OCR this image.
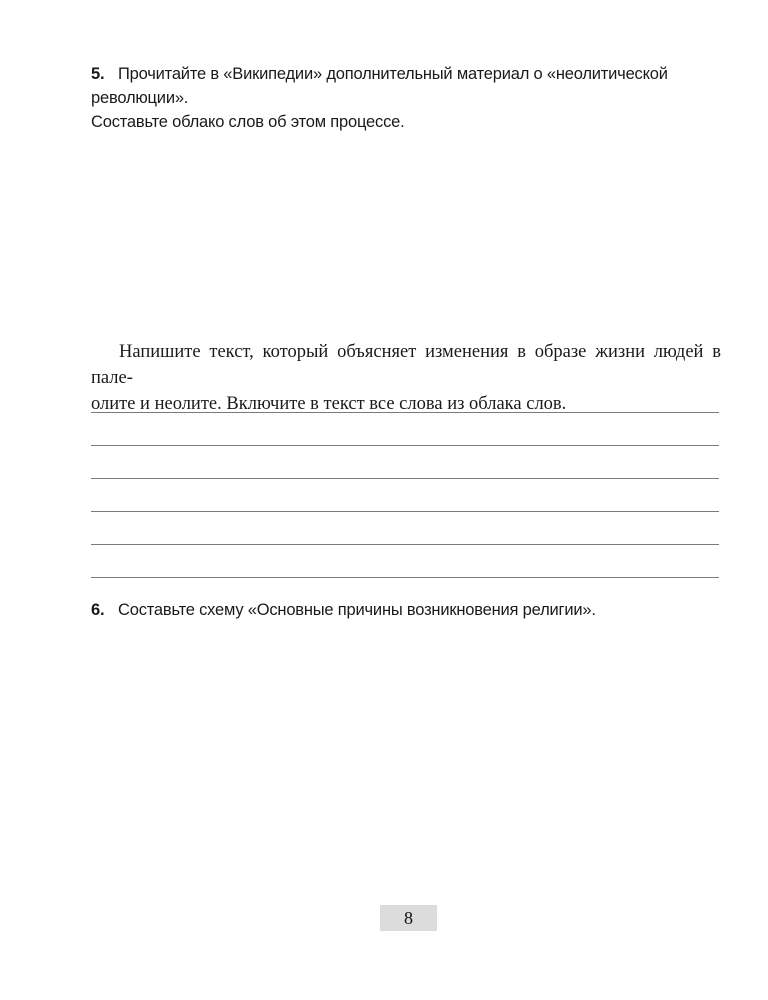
5. Прочитайте в «Википедии» дополнительный материал о «неолитической революции».
Составьте облако слов об этом процессе.
Напишите текст, который объясняет изменения в образе жизни людей в пале-
олите и неолите. Включите в текст все слова из облака слов.
6. Составьте схему «Основные причины возникновения религии».
8
